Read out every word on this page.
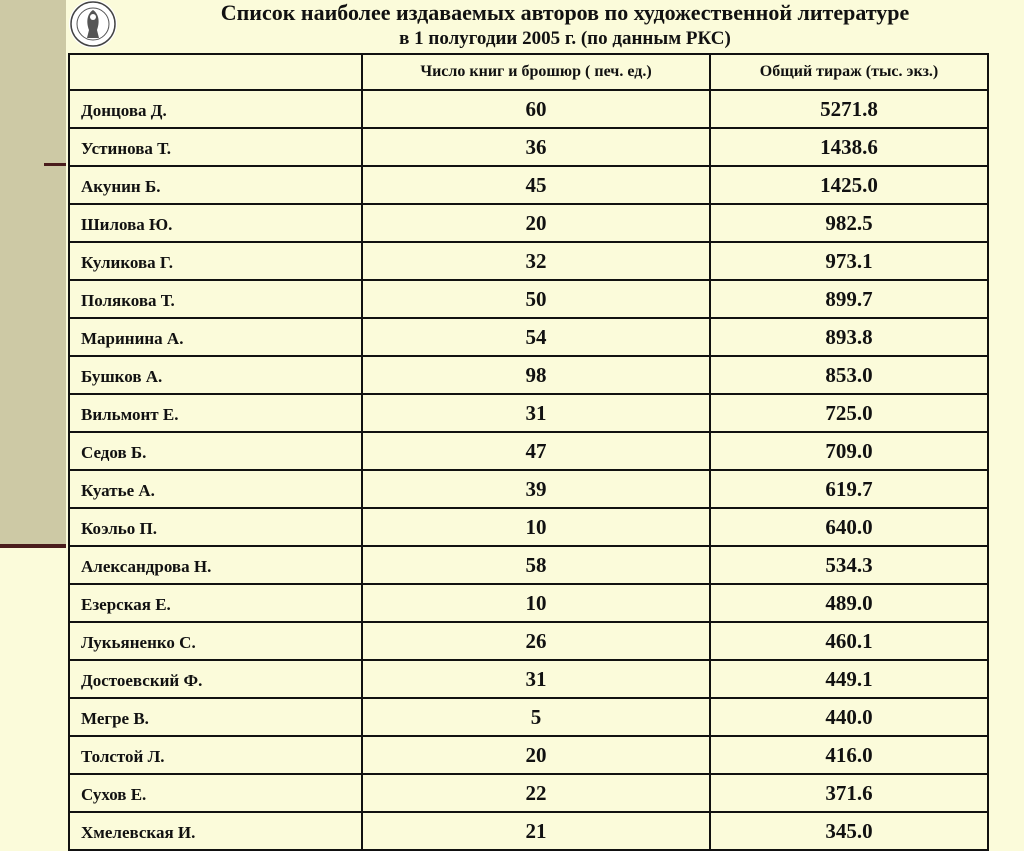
Список наиболее издаваемых авторов по художественной литературе
в 1 полугодии 2005 г. (по данным РКС)
	Число книг и брошюр ( печ. ед.)	Общий тираж (тыс. экз.)
Донцова Д.	60	5271.8
Устинова Т.	36	1438.6
Акунин Б.	45	1425.0
Шилова Ю.	20	982.5
Куликова Г.	32	973.1
Полякова Т.	50	899.7
Маринина А.	54	893.8
Бушков А.	98	853.0
Вильмонт Е.	31	725.0
Седов Б.	47	709.0
Куатье А.	39	619.7
Коэльо П.	10	640.0
Александрова Н.	58	534.3
Езерская Е.	10	489.0
Лукьяненко С.	26	460.1
Достоевский Ф.	31	449.1
Мегре В.	5	440.0
Толстой Л.	20	416.0
Сухов Е.	22	371.6
Хмелевская И.	21	345.0
